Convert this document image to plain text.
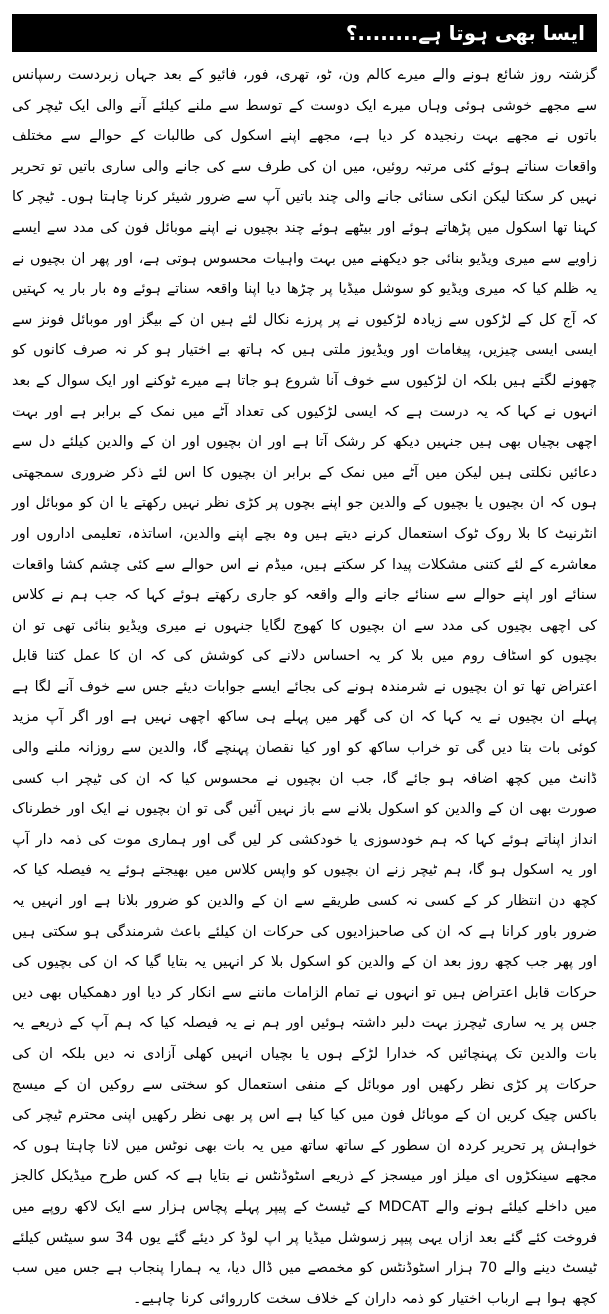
ایسا بھی ہوتا ہے........؟

گزشتہ روز شائع ہونے والے میرے کالم ون، ٹو، تھری، فور، فائیو کے بعد جہاں زبردست رسپانس سے مجھے خوشی ہوئی وہاں میرے ایک دوست کے توسط سے ملنے کیلئے آنے والی ایک ٹیچر کی باتوں نے مجھے بہت رنجیدہ کر دیا ہے، مجھے اپنے اسکول کی طالبات کے حوالے سے مختلف واقعات سناتے ہوئے کئی مرتبہ روئیں، میں ان کی طرف سے کی جانے والی ساری باتیں تو تحریر نہیں کر سکتا لیکن انکی سنائی جانے والی چند باتیں آپ سے ضرور شیئر کرنا چاہتا ہوں۔ ٹیچر کا کہنا تھا اسکول میں پڑھاتے ہوئے اور بیٹھے ہوئے چند بچیوں نے اپنے موبائل فون کی مدد سے ایسے زاویے سے میری ویڈیو بنائی جو دیکھنے میں بہت واہیات محسوس ہوتی ہے، اور پھر ان بچیوں نے یہ ظلم کیا کہ میری ویڈیو کو سوشل میڈیا پر چڑھا دیا اپنا واقعہ سناتے ہوئے وہ بار بار یہ کہتیں کہ آج کل کے لڑکوں سے زیادہ لڑکیوں نے پر پرزے نکال لئے ہیں ان کے بیگز اور موبائل فونز سے ایسی ایسی چیزیں، پیغامات اور ویڈیوز ملتی ہیں کہ ہاتھ بے اختیار ہو کر نہ صرف کانوں کو چھونے لگتے ہیں بلکہ ان لڑکیوں سے خوف آنا شروع ہو جاتا ہے میرے ٹوکنے اور ایک سوال کے بعد انہوں نے کہا کہ یہ درست ہے کہ ایسی لڑکیوں کی تعداد آٹے میں نمک کے برابر ہے اور بہت اچھی بچیاں بھی ہیں جنہیں دیکھ کر رشک آتا ہے اور ان بچیوں اور ان کے والدین کیلئے دل سے دعائیں نکلتی ہیں لیکن میں آٹے میں نمک کے برابر ان بچیوں کا اس لئے ذکر ضروری سمجھتی ہوں کہ ان بچیوں یا بچیوں کے والدین جو اپنے بچوں پر کڑی نظر نہیں رکھتے یا ان کو موبائل اور انٹرنیٹ کا بلا روک ٹوک استعمال کرنے دیتے ہیں وہ بچے اپنے والدین، اساتذہ، تعلیمی اداروں اور معاشرے کے لئے کتنی مشکلات پیدا کر سکتے ہیں، میڈم نے اس حوالے سے کئی چشم کشا واقعات سنائے اور اپنے حوالے سے سنائے جانے والے واقعہ کو جاری رکھتے ہوئے کہا کہ جب ہم نے کلاس کی اچھی بچیوں کی مدد سے ان بچیوں کا کھوج لگایا جنہوں نے میری ویڈیو بنائی تھی تو ان بچیوں کو اسٹاف روم میں بلا کر یہ احساس دلانے کی کوشش کی کہ ان کا عمل کتنا قابل اعتراض تھا تو ان بچیوں نے شرمندہ ہونے کی بجائے ایسے جوابات دیئے جس سے خوف آنے لگا ہے پہلے ان بچیوں نے یہ کہا کہ ان کی گھر میں پہلے ہی ساکھ اچھی نہیں ہے اور اگر آپ مزید کوئی بات بتا دیں گی تو خراب ساکھ کو اور کیا نقصان پہنچے گا، والدین سے روزانہ ملنے والی ڈانٹ میں کچھ اضافہ ہو جائے گا، جب ان بچیوں نے محسوس کیا کہ ان کی ٹیچر اب کسی صورت بھی ان کے والدین کو اسکول بلانے سے باز نہیں آئیں گی تو ان بچیوں نے ایک اور خطرناک انداز اپناتے ہوئے کہا کہ ہم خودسوزی یا خودکشی کر لیں گی اور ہماری موت کی ذمہ دار آپ اور یہ اسکول ہو گا، ہم ٹیچر زنے ان بچیوں کو واپس کلاس میں بھیجتے ہوئے یہ فیصلہ کیا کہ کچھ دن انتظار کر کے کسی نہ کسی طریقے سے ان کے والدین کو ضرور بلانا ہے اور انہیں یہ ضرور باور کرانا ہے کہ ان کی صاحبزادیوں کی حرکات ان کیلئے باعث شرمندگی ہو سکتی ہیں اور پھر جب کچھ روز بعد ان کے والدین کو اسکول بلا کر انہیں یہ بتایا گیا کہ ان کی بچیوں کی حرکات قابل اعتراض ہیں تو انہوں نے تمام الزامات ماننے سے انکار کر دیا اور دھمکیاں بھی دیں جس پر یہ ساری ٹیچرز بہت دلبر داشتہ ہوئیں اور ہم نے یہ فیصلہ کیا کہ ہم آپ کے ذریعے یہ بات والدین تک پہنچائیں کہ خدارا لڑکے ہوں یا بچیاں انہیں کھلی آزادی نہ دیں بلکہ ان کی حرکات پر کڑی نظر رکھیں اور موبائل کے منفی استعمال کو سختی سے روکیں ان کے میسج باکس چیک کریں ان کے موبائل فون میں کیا کیا ہے اس پر بھی نظر رکھیں اپنی محترم ٹیچر کی خواہش پر تحریر کردہ ان سطور کے ساتھ ساتھ میں یہ بات بھی نوٹس میں لانا چاہتا ہوں کہ مجھے سینکڑوں ای میلز اور میسجز کے ذریعے اسٹوڈنٹس نے بتایا ہے کہ کس طرح میڈیکل کالجز میں داخلے کیلئے ہونے والے MDCAT کے ٹیسٹ کے پیپر پہلے پچاس ہزار سے ایک لاکھ روپے میں فروخت کئے گئے بعد ازاں یہی پیپر زسوشل میڈیا پر اپ لوڈ کر دیئے گئے یوں 34 سو سیٹس کیلئے ٹیسٹ دینے والے 70 ہزار اسٹوڈنٹس کو مخمصے میں ڈال دیا، یہ ہمارا پنجاب ہے جس میں سب کچھ ہوا ہے ارباب اختیار کو ذمہ داران کے خلاف سخت کارروائی کرنا چاہیے۔
